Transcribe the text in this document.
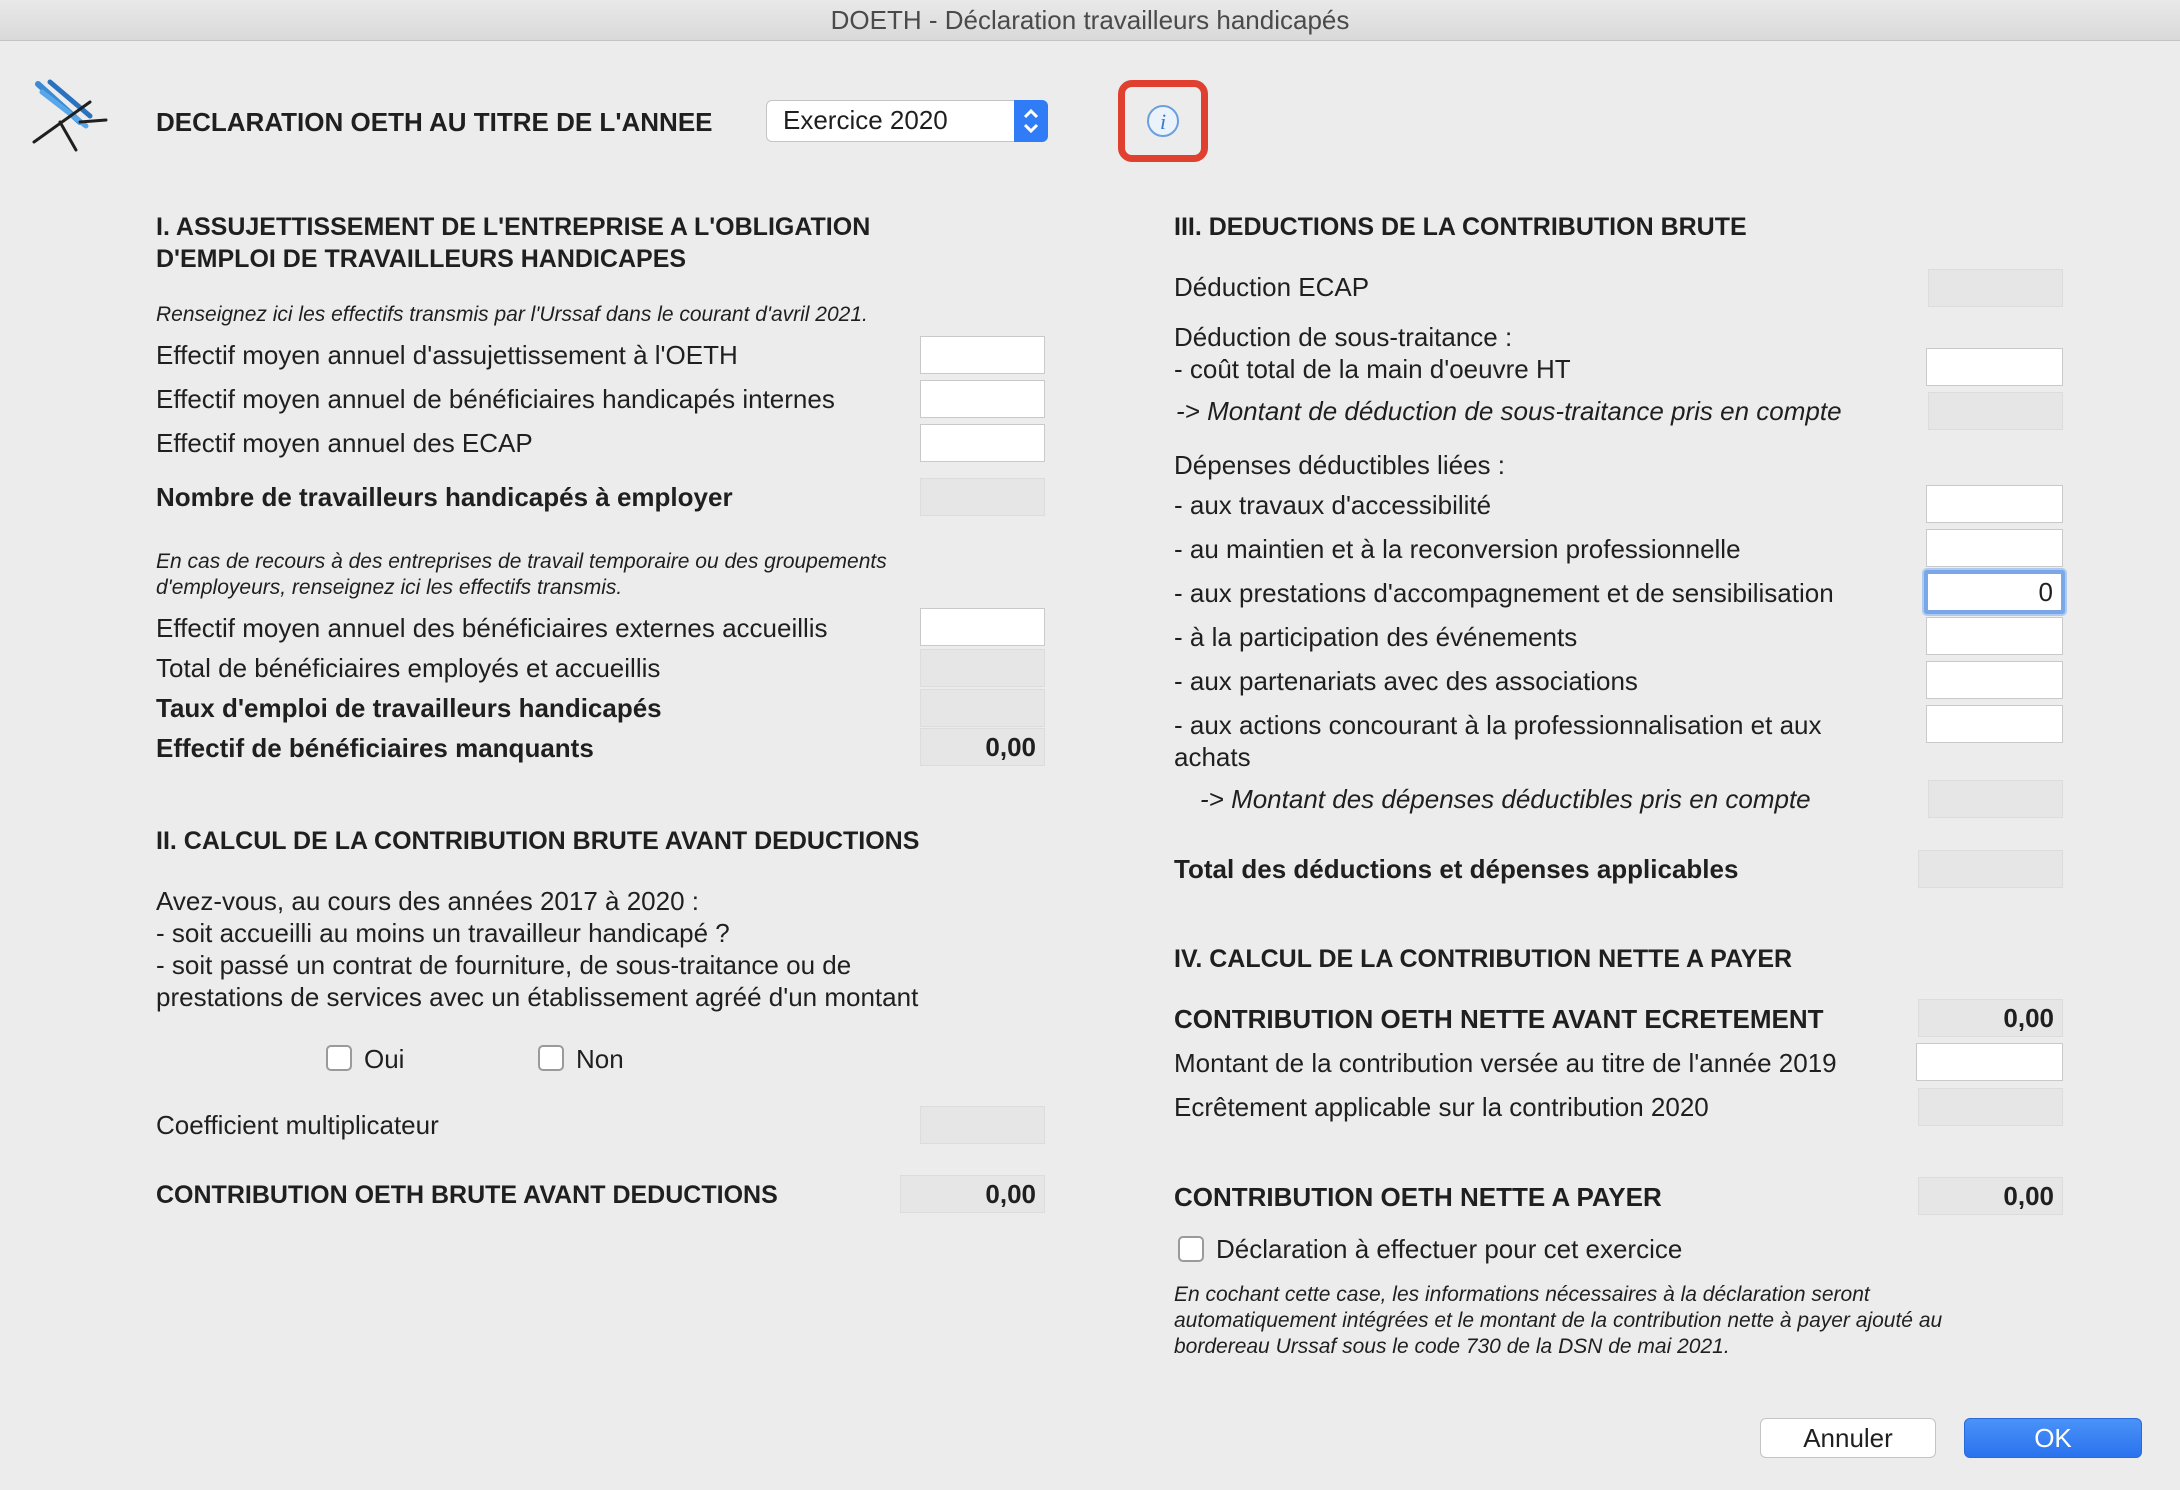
DOETH - Déclaration travailleurs handicapés
DECLARATION OETH AU TITRE DE L'ANNEE	Exercice 2020	i
I. ASSUJETTISSEMENT DE L'ENTREPRISE A L'OBLIGATION
D'EMPLOI DE TRAVAILLEURS HANDICAPES
Renseignez ici les effectifs transmis par l'Urssaf dans le courant d'avril 2021.
Effectif moyen annuel d'assujettissement à l'OETH
Effectif moyen annuel de bénéficiaires handicapés internes
Effectif moyen annuel des ECAP
Nombre de travailleurs handicapés à employer
En cas de recours à des entreprises de travail temporaire ou des groupements d'employeurs, renseignez ici les effectifs transmis.
Effectif moyen annuel des bénéficiaires externes accueillis
Total de bénéficiaires employés et accueillis
Taux d'emploi de travailleurs handicapés
Effectif de bénéficiaires manquants	0,00
II. CALCUL DE LA CONTRIBUTION BRUTE AVANT DEDUCTIONS
Avez-vous, au cours des années 2017 à 2020 :
- soit accueilli au moins un travailleur handicapé ?
- soit passé un contrat de fourniture, de sous-traitance ou de
prestations de services avec un établissement agréé d'un montant
Oui	Non
Coefficient multiplicateur
CONTRIBUTION OETH BRUTE AVANT DEDUCTIONS	0,00
III. DEDUCTIONS DE LA CONTRIBUTION BRUTE
Déduction ECAP
Déduction de sous-traitance :
- coût total de la main d'oeuvre HT
-> Montant de déduction de sous-traitance pris en compte
Dépenses déductibles liées :
- aux travaux d'accessibilité
- au maintien et à la reconversion professionnelle
- aux prestations d'accompagnement et de sensibilisation	0
- à la participation des événements
- aux partenariats avec des associations
- aux actions concourant à la professionnalisation et aux
achats
-> Montant des dépenses déductibles pris en compte
Total des déductions et dépenses applicables
IV. CALCUL DE LA CONTRIBUTION NETTE A PAYER
CONTRIBUTION OETH NETTE AVANT ECRETEMENT	0,00
Montant de la contribution versée au titre de l'année 2019
Ecrêtement applicable sur la contribution 2020
CONTRIBUTION OETH NETTE A PAYER	0,00
Déclaration à effectuer pour cet exercice
En cochant cette case, les informations nécessaires à la déclaration seront
automatiquement intégrées et le montant de la contribution nette à payer ajouté au
bordereau Urssaf sous le code 730 de la DSN de mai 2021.
Annuler	OK
